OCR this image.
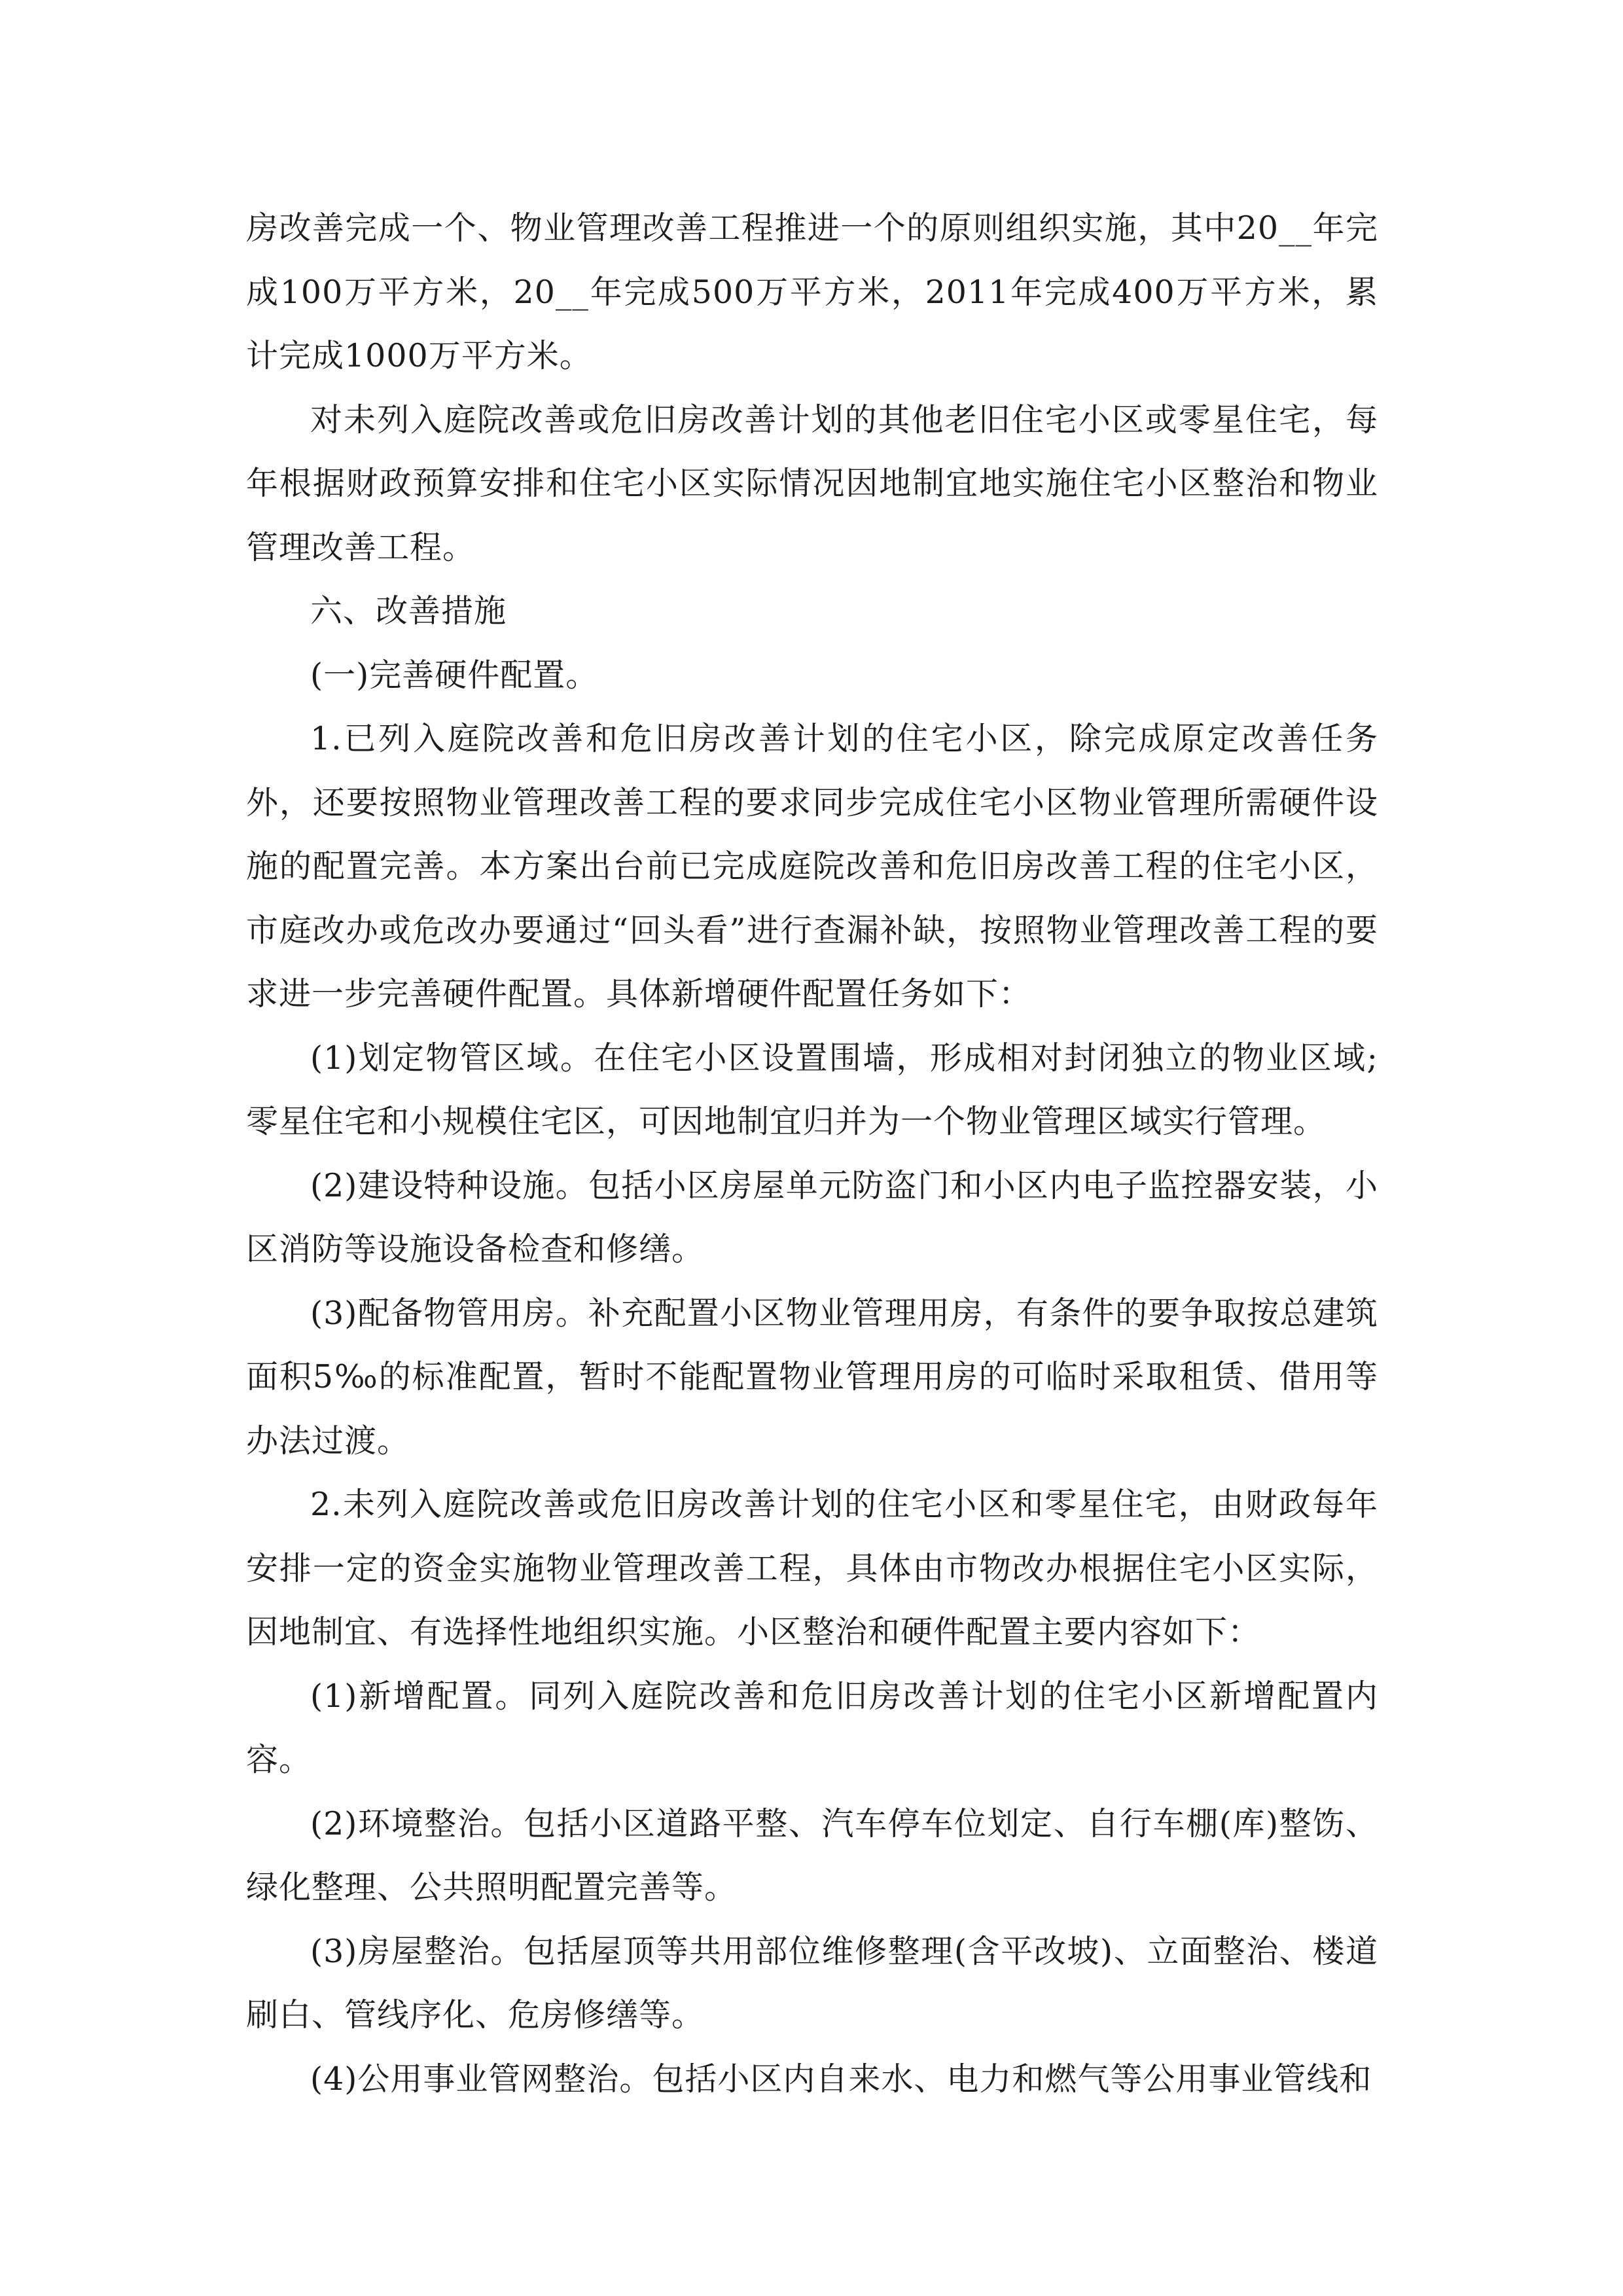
房改善完成一个、物业管理改善工程推进一个的原则组织实施，其中20__年完成100万平方米，20__年完成500万平方米，2011年完成400万平方米，累计完成1000万平方米。

对未列入庭院改善或危旧房改善计划的其他老旧住宅小区或零星住宅，每年根据财政预算安排和住宅小区实际情况因地制宜地实施住宅小区整治和物业管理改善工程。

六、改善措施

(一)完善硬件配置。

1.已列入庭院改善和危旧房改善计划的住宅小区，除完成原定改善任务外，还要按照物业管理改善工程的要求同步完成住宅小区物业管理所需硬件设施的配置完善。本方案出台前已完成庭院改善和危旧房改善工程的住宅小区，市庭改办或危改办要通过“回头看”进行查漏补缺，按照物业管理改善工程的要求进一步完善硬件配置。具体新增硬件配置任务如下：

(1)划定物管区域。在住宅小区设置围墙，形成相对封闭独立的物业区域;零星住宅和小规模住宅区，可因地制宜归并为一个物业管理区域实行管理。

(2)建设特种设施。包括小区房屋单元防盗门和小区内电子监控器安装，小区消防等设施设备检查和修缮。

(3)配备物管用房。补充配置小区物业管理用房，有条件的要争取按总建筑面积5‰的标准配置，暂时不能配置物业管理用房的可临时采取租赁、借用等办法过渡。

2.未列入庭院改善或危旧房改善计划的住宅小区和零星住宅，由财政每年安排一定的资金实施物业管理改善工程，具体由市物改办根据住宅小区实际，因地制宜、有选择性地组织实施。小区整治和硬件配置主要内容如下：

(1)新增配置。同列入庭院改善和危旧房改善计划的住宅小区新增配置内容。

(2)环境整治。包括小区道路平整、汽车停车位划定、自行车棚(库)整饬、绿化整理、公共照明配置完善等。

(3)房屋整治。包括屋顶等共用部位维修整理(含平改坡)、立面整治、楼道刷白、管线序化、危房修缮等。

(4)公用事业管网整治。包括小区内自来水、电力和燃气等公用事业管线和
